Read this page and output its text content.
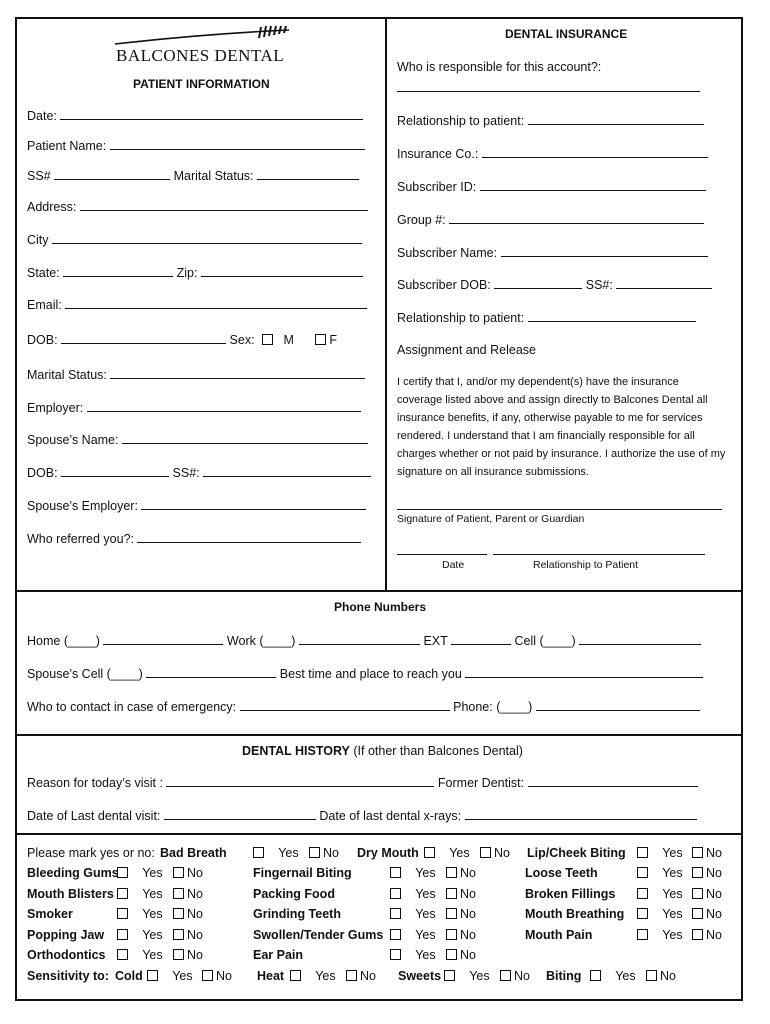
BALCONES DENTAL
PATIENT INFORMATION
Date:
Patient Name:
SS#	Marital Status:
Address:
City
State:	Zip:
Email:
DOB:	Sex: M	F
Marital Status:
Employer:
Spouse’s Name:
DOB:	SS#:
Spouse’s Employer:
Who referred you?:
DENTAL INSURANCE
Who is responsible for this account?:
Relationship to patient:
Insurance Co.:
Subscriber ID:
Group #:
Subscriber Name:
Subscriber DOB:	SS#:
Relationship to patient:
Assignment and Release
I certify that I, and/or my dependent(s) have the insurance coverage listed above and assign directly to Balcones Dental all insurance benefits, if any, otherwise payable to me for services rendered. I understand that I am financially responsible for all charges whether or not paid by insurance. I authorize the use of my signature on all insurance submissions.
Signature of Patient, Parent or Guardian
Date	Relationship to Patient
Phone Numbers
Home (____)	Work (____)	EXT	Cell (____)
Spouse’s Cell (____)	Best time and place to reach you
Who to contact in case of emergency:	Phone: (____)
DENTAL HISTORY (If other than Balcones Dental)
Reason for today’s visit :	Former Dentist:
Date of Last dental visit:	Date of last dental x-rays:
Please mark yes or no: Bad Breath	Yes	No
Bleeding Gums	Yes	No
Mouth Blisters	Yes	No
Smoker	Yes	No
Popping Jaw	Yes	No
Orthodontics	Yes	No
Dry Mouth	Yes	No
Fingernail Biting	Yes	No
Packing Food	Yes	No
Grinding Teeth	Yes	No
Swollen/Tender Gums	Yes	No
Ear Pain	Yes	No
Lip/Cheek Biting	Yes	No
Loose Teeth	Yes	No
Broken Fillings	Yes	No
Mouth Breathing	Yes	No
Mouth Pain	Yes	No
Sensitivity to: Cold	Yes	No Heat	Yes	No Sweets	Yes	No Biting	Yes	No
